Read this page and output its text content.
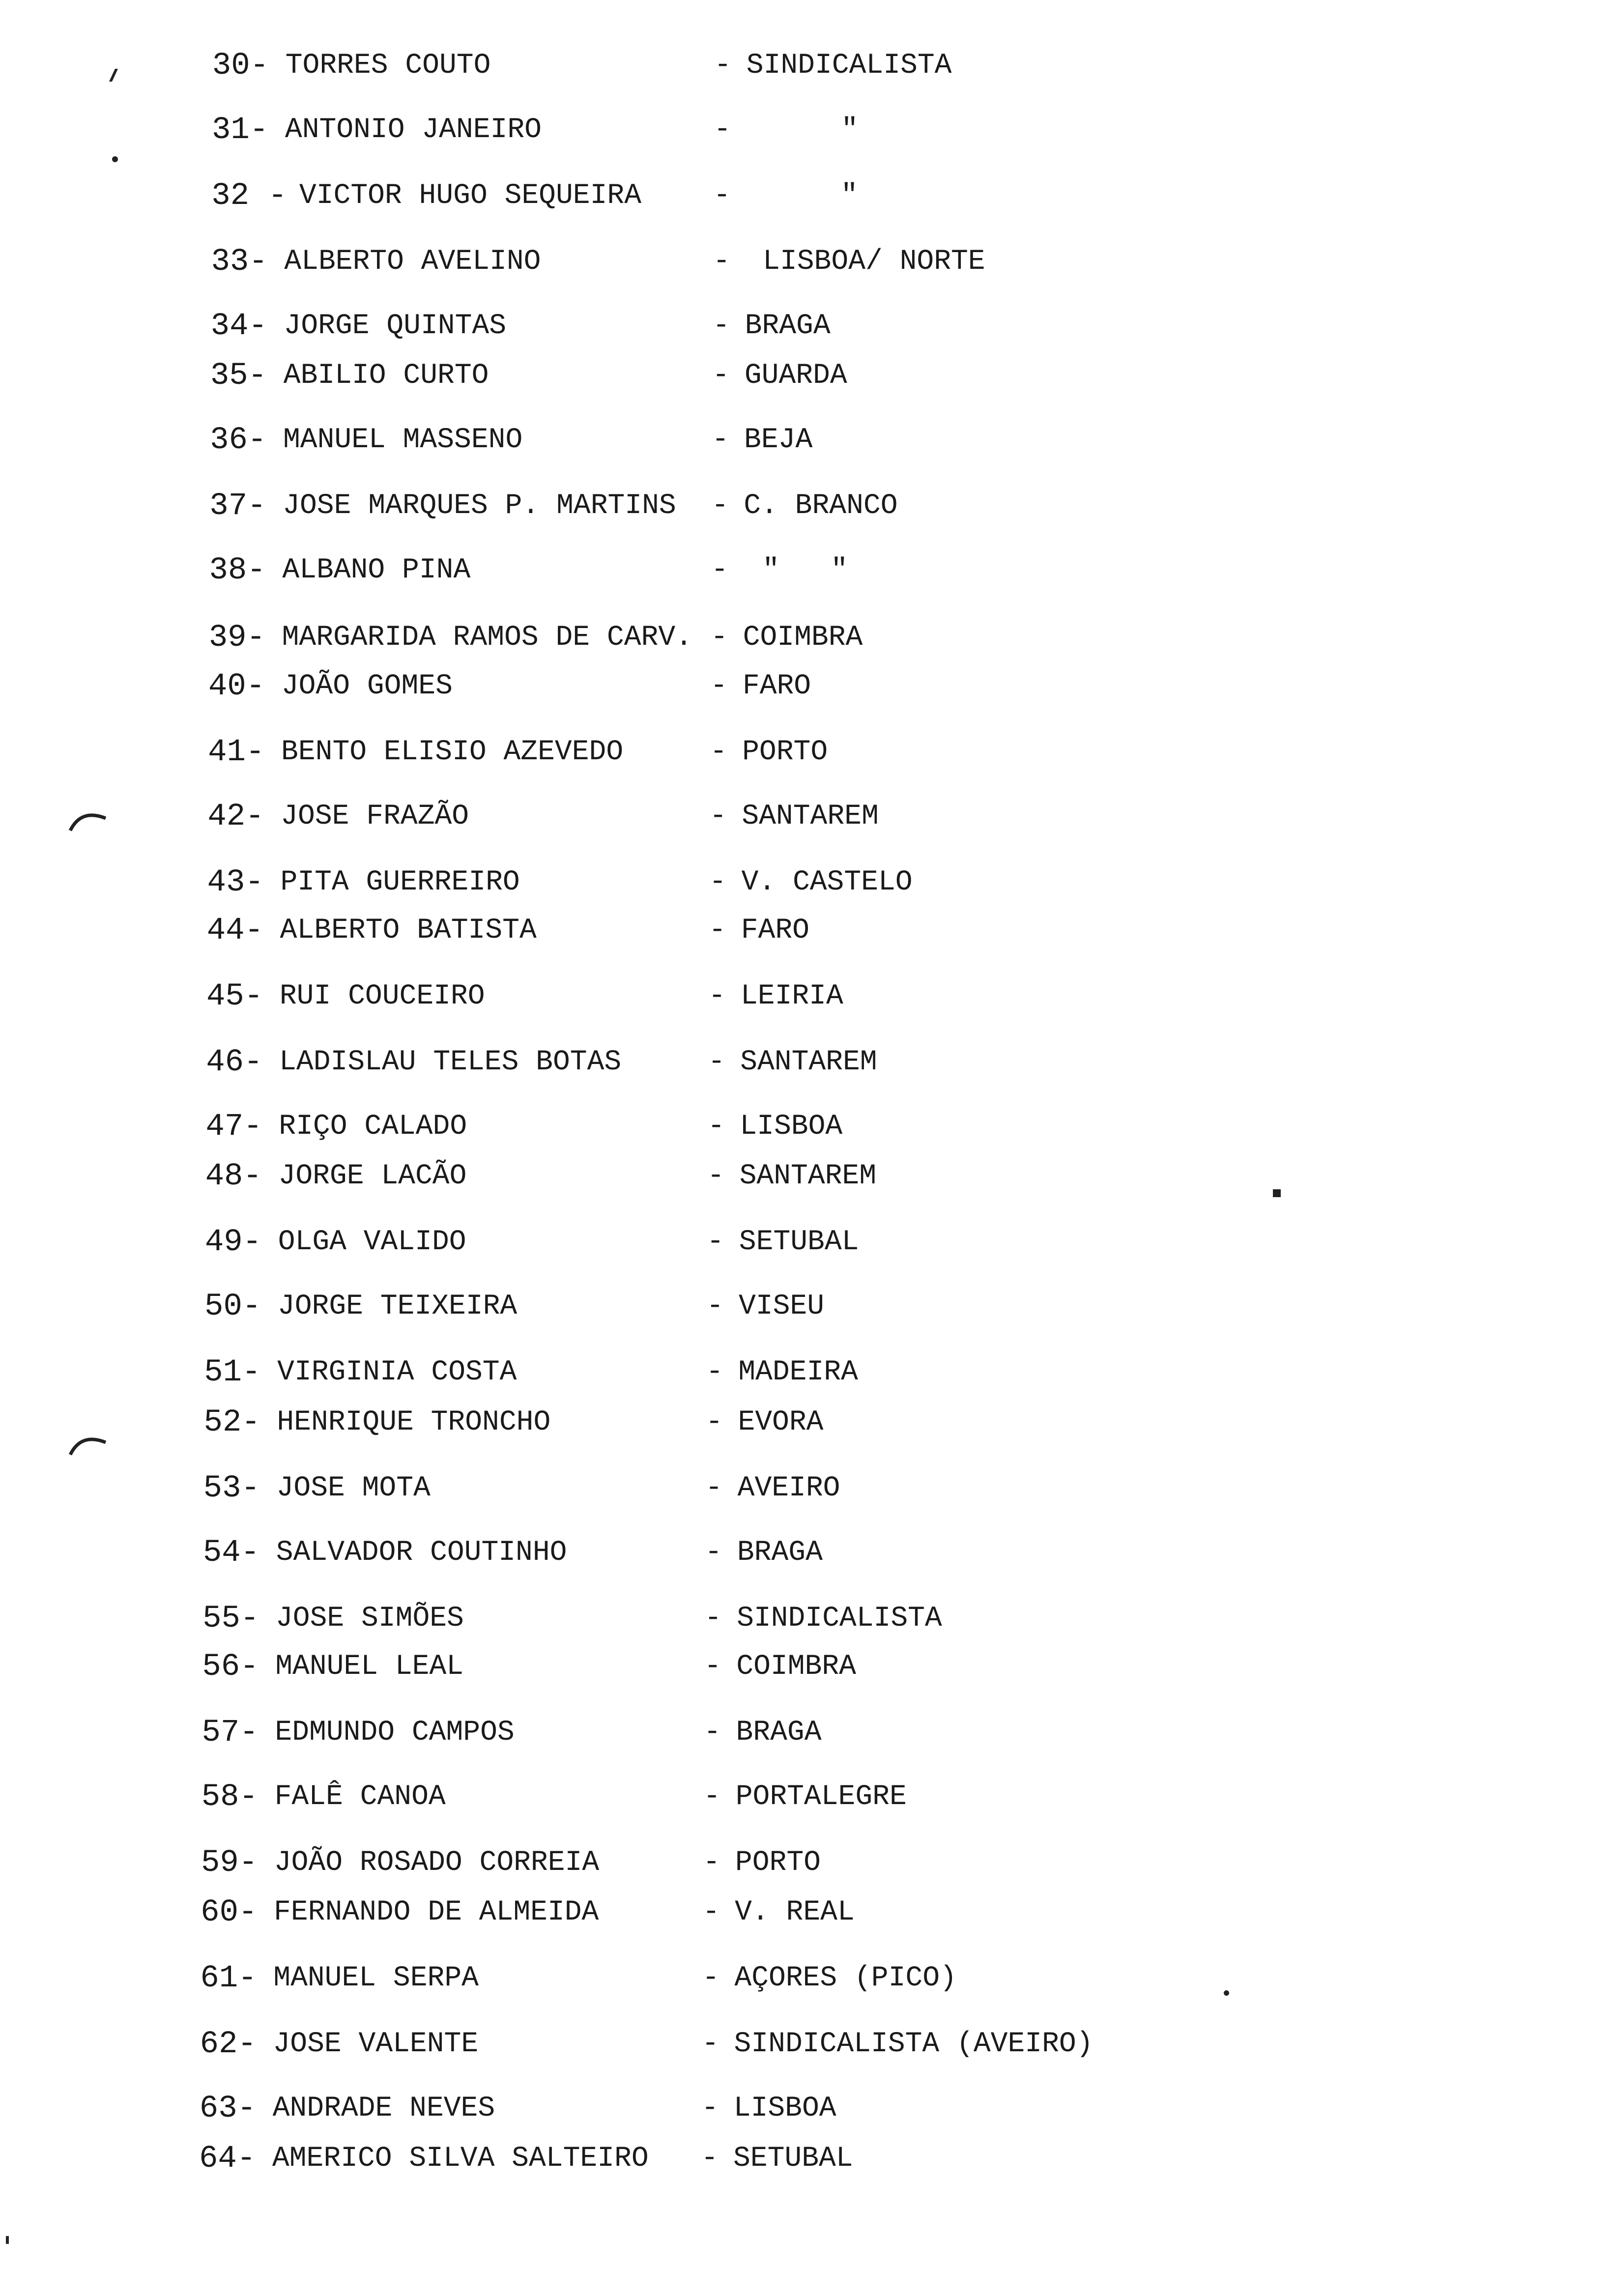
30- TORRES COUTO	- SINDICALISTA
31- ANTONIO JANEIRO	-	"
32 - VICTOR HUGO SEQUEIRA	-	"
33- ALBERTO AVELINO	- LISBOA/ NORTE
34- JORGE QUINTAS	- BRAGA
35- ABILIO CURTO	- GUARDA
36- MANUEL MASSENO	- BEJA
37- JOSE MARQUES P. MARTINS - C. BRANCO
38- ALBANO PINA	- "   "
39- MARGARIDA RAMOS DE CARV. - COIMBRA
40- JOÃO GOMES	- FARO
41- BENTO ELISIO AZEVEDO	- PORTO
42- JOSE FRAZÃO	- SANTAREM
43- PITA GUERREIRO	- V. CASTELO
44- ALBERTO BATISTA	- FARO
45- RUI COUCEIRO	- LEIRIA
46- LADISLAU TELES BOTAS	- SANTAREM
47- RIÇO CALADO	- LISBOA
48- JORGE LACÃO	- SANTAREM
49- OLGA VALIDO	- SETUBAL
50- JORGE TEIXEIRA	- VISEU
51- VIRGINIA COSTA	- MADEIRA
52- HENRIQUE TRONCHO	- EVORA
53- JOSE MOTA	- AVEIRO
54- SALVADOR COUTINHO	- BRAGA
55- JOSE SIMÕES	- SINDICALISTA
56- MANUEL LEAL	- COIMBRA
57- EDMUNDO CAMPOS	- BRAGA
58- FALÊ CANOA	- PORTALEGRE
59- JOÃO ROSADO CORREIA	- PORTO
60- FERNANDO DE ALMEIDA	- V. REAL
61- MANUEL SERPA	- AÇORES (PICO)
62- JOSE VALENTE	- SINDICALISTA (AVEIRO)
63- ANDRADE NEVES	- LISBOA
64- AMERICO SILVA SALTEIRO - SETUBAL
